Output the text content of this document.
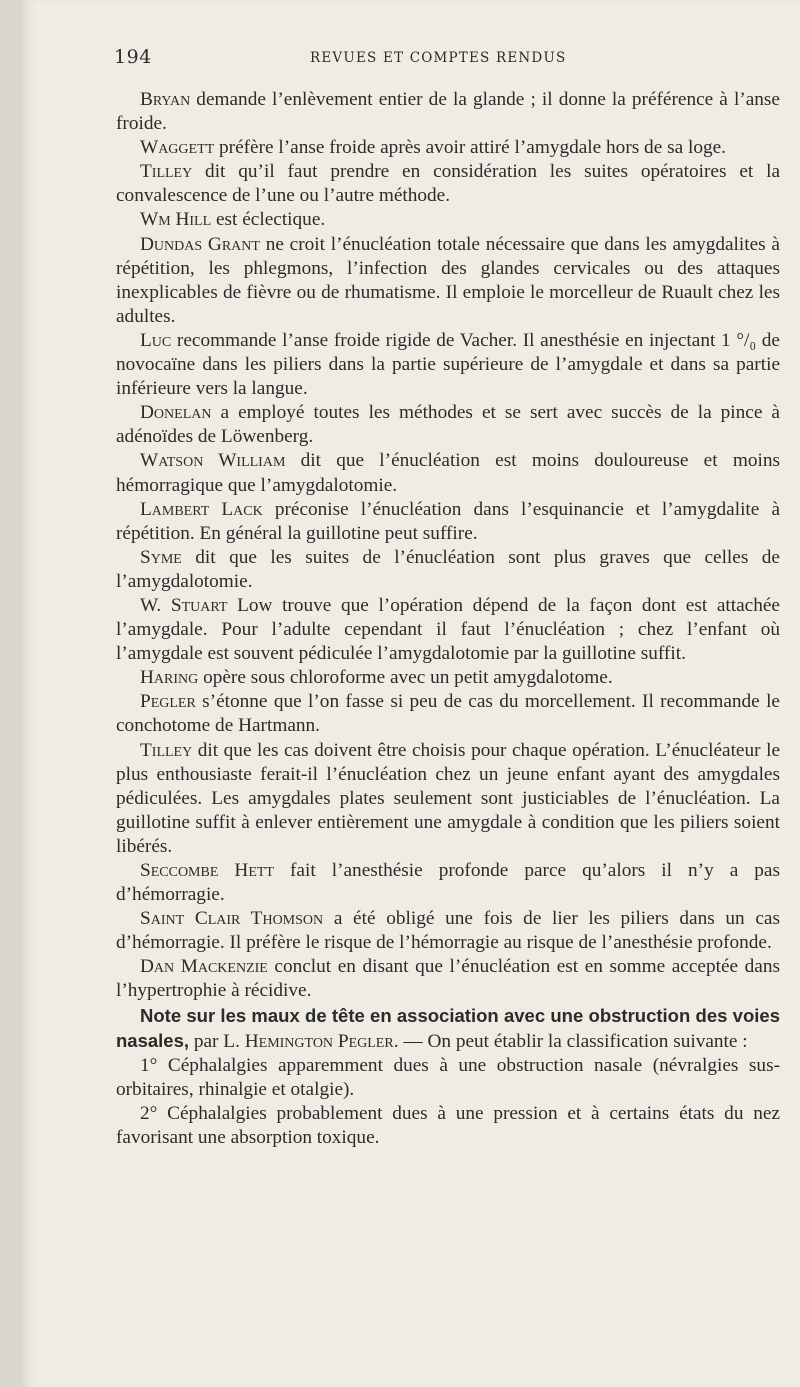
194	REVUES ET COMPTES RENDUS

Bryan demande l’enlèvement entier de la glande ; il donne la préférence à l’anse froide.

Waggett préfère l’anse froide après avoir attiré l’amygdale hors de sa loge.

Tilley dit qu’il faut prendre en considération les suites opératoires et la convalescence de l’une ou l’autre méthode.

Wm Hill est éclectique.

Dundas Grant ne croit l’énucléation totale nécessaire que dans les amygdalites à répétition, les phlegmons, l’infection des glandes cervicales ou des attaques inexplicables de fièvre ou de rhumatisme. Il emploie le morcelleur de Ruault chez les adultes.

Luc recommande l’anse froide rigide de Vacher. Il anesthésie en injectant 1 °/₀ de novocaïne dans les piliers dans la partie supérieure de l’amygdale et dans sa partie inférieure vers la langue.

Donelan a employé toutes les méthodes et se sert avec succès de la pince à adénoïdes de Löwenberg.

Watson William dit que l’énucléation est moins douloureuse et moins hémorragique que l’amygdalotomie.

Lambert Lack préconise l’énucléation dans l’esquinancie et l’amygdalite à répétition. En général la guillotine peut suffire.

Syme dit que les suites de l’énucléation sont plus graves que celles de l’amygdalotomie.

W. Stuart Low trouve que l’opération dépend de la façon dont est attachée l’amygdale. Pour l’adulte cependant il faut l’énucléation ; chez l’enfant où l’amygdale est souvent pédiculée l’amygdalotomie par la guillotine suffit.

Haring opère sous chloroforme avec un petit amygdalotome.

Pegler s’étonne que l’on fasse si peu de cas du morcellement. Il recommande le conchotome de Hartmann.

Tilley dit que les cas doivent être choisis pour chaque opération. L’énucléateur le plus enthousiaste ferait-il l’énucléation chez un jeune enfant ayant des amygdales pédiculées. Les amygdales plates seulement sont justiciables de l’énucléation. La guillotine suffit à enlever entièrement une amygdale à condition que les piliers soient libérés.

Seccombe Hett fait l’anesthésie profonde parce qu’alors il n’y a pas d’hémorragie.

Saint Clair Thomson a été obligé une fois de lier les piliers dans un cas d’hémorragie. Il préfère le risque de l’hémorragie au risque de l’anesthésie profonde.

Dan Mackenzie conclut en disant que l’énucléation est en somme acceptée dans l’hypertrophie à récidive.

Note sur les maux de tête en association avec une obstruction des voies nasales, par L. Hemington Pegler. — On peut établir la classification suivante :

1° Céphalalgies apparemment dues à une obstruction nasale (névralgies sus-orbitaires, rhinalgie et otalgie).

2° Céphalalgies probablement dues à une pression et à certains états du nez favorisant une absorption toxique.
